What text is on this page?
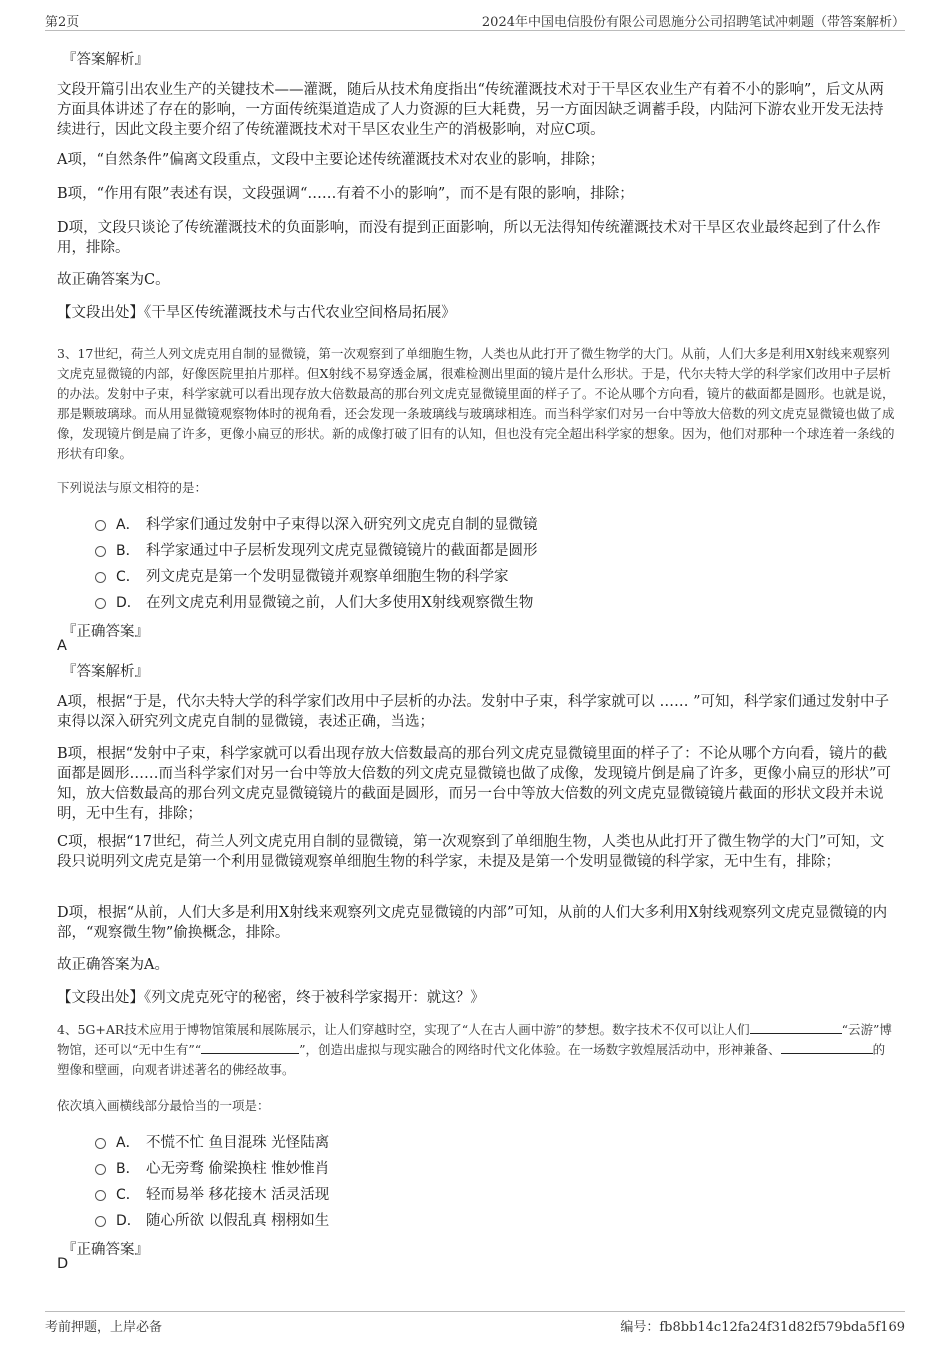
第2页	2024年中国电信股份有限公司恩施分公司招聘笔试冲刺题（带答案解析）
『答案解析』
文段开篇引出农业生产的关键技术——灌溉，随后从技术角度指出“传统灌溉技术对于干旱区农业生产有着不小的影响”，后文从两方面具体讲述了存在的影响，一方面传统渠道造成了人力资源的巨大耗费，另一方面因缺乏调蓄手段，内陆河下游农业开发无法持续进行，因此文段主要介绍了传统灌溉技术对干旱区农业生产的消极影响，对应C项。
A项，“自然条件”偏离文段重点，文段中主要论述传统灌溉技术对农业的影响，排除；
B项，“作用有限”表述有误，文段强调“……有着不小的影响”，而不是有限的影响，排除；
D项，文段只谈论了传统灌溉技术的负面影响，而没有提到正面影响，所以无法得知传统灌溉技术对干旱区农业最终起到了什么作用，排除。
故正确答案为C。
【文段出处】《干旱区传统灌溉技术与古代农业空间格局拓展》
3、17世纪，荷兰人列文虎克用自制的显微镜，第一次观察到了单细胞生物，人类也从此打开了微生物学的大门。从前，人们大多是利用X射线来观察列文虎克显微镜的内部，好像医院里拍片那样。但X射线不易穿透金属，很难检测出里面的镜片是什么形状。于是，代尔夫特大学的科学家们改用中子层析的办法。发射中子束，科学家就可以看出现存放大倍数最高的那台列文虎克显微镜里面的样子了。不论从哪个方向看，镜片的截面都是圆形。也就是说，那是颗玻璃球。而从用显微镜观察物体时的视角看，还会发现一条玻璃线与玻璃球相连。而当科学家们对另一台中等放大倍数的列文虎克显微镜也做了成像，发现镜片倒是扁了许多，更像小扁豆的形状。新的成像打破了旧有的认知，但也没有完全超出科学家的想象。因为，他们对那种一个球连着一条线的形状有印象。
下列说法与原文相符的是：
A． 科学家们通过发射中子束得以深入研究列文虎克自制的显微镜
B． 科学家通过中子层析发现列文虎克显微镜镜片的截面都是圆形
C． 列文虎克是第一个发明显微镜并观察单细胞生物的科学家
D． 在列文虎克利用显微镜之前，人们大多使用X射线观察微生物
『正确答案』
A
『答案解析』
A项，根据“于是，代尔夫特大学的科学家们改用中子层析的办法。发射中子束，科学家就可以 …… ”可知，科学家们通过发射中子束得以深入研究列文虎克自制的显微镜，表述正确，当选；
B项，根据“发射中子束，科学家就可以看出现存放大倍数最高的那台列文虎克显微镜里面的样子了：不论从哪个方向看，镜片的截面都是圆形……而当科学家们对另一台中等放大倍数的列文虎克显微镜也做了成像，发现镜片倒是扁了许多，更像小扁豆的形状”可知，放大倍数最高的那台列文虎克显微镜镜片的截面是圆形，而另一台中等放大倍数的列文虎克显微镜镜片截面的形状文段并未说明，无中生有，排除；
C项，根据“17世纪，荷兰人列文虎克用自制的显微镜，第一次观察到了单细胞生物，人类也从此打开了微生物学的大门”可知，文段只说明列文虎克是第一个利用显微镜观察单细胞生物的科学家，未提及是第一个发明显微镜的科学家，无中生有，排除；
D项，根据“从前，人们大多是利用X射线来观察列文虎克显微镜的内部”可知，从前的人们大多利用X射线观察列文虎克显微镜的内部，“观察微生物”偷换概念，排除。
故正确答案为A。
【文段出处】《列文虎克死守的秘密，终于被科学家揭开：就这？》
4、5G+AR技术应用于博物馆策展和展陈展示，让人们穿越时空，实现了“人在古人画中游”的梦想。数字技术不仅可以让人们	“云游”博物馆，还可以“无中生有”“	”，创造出虚拟与现实融合的网络时代文化体验。在一场数字敦煌展活动中，形神兼备、	的塑像和壁画，向观者讲述著名的佛经故事。
依次填入画横线部分最恰当的一项是：
A． 不慌不忙 鱼目混珠 光怪陆离
B． 心无旁骛 偷梁换柱 惟妙惟肖
C． 轻而易举 移花接木 活灵活现
D． 随心所欲 以假乱真 栩栩如生
『正确答案』
D
考前押题，上岸必备	编号：fb8bb14c12fa24f31d82f579bda5f169
